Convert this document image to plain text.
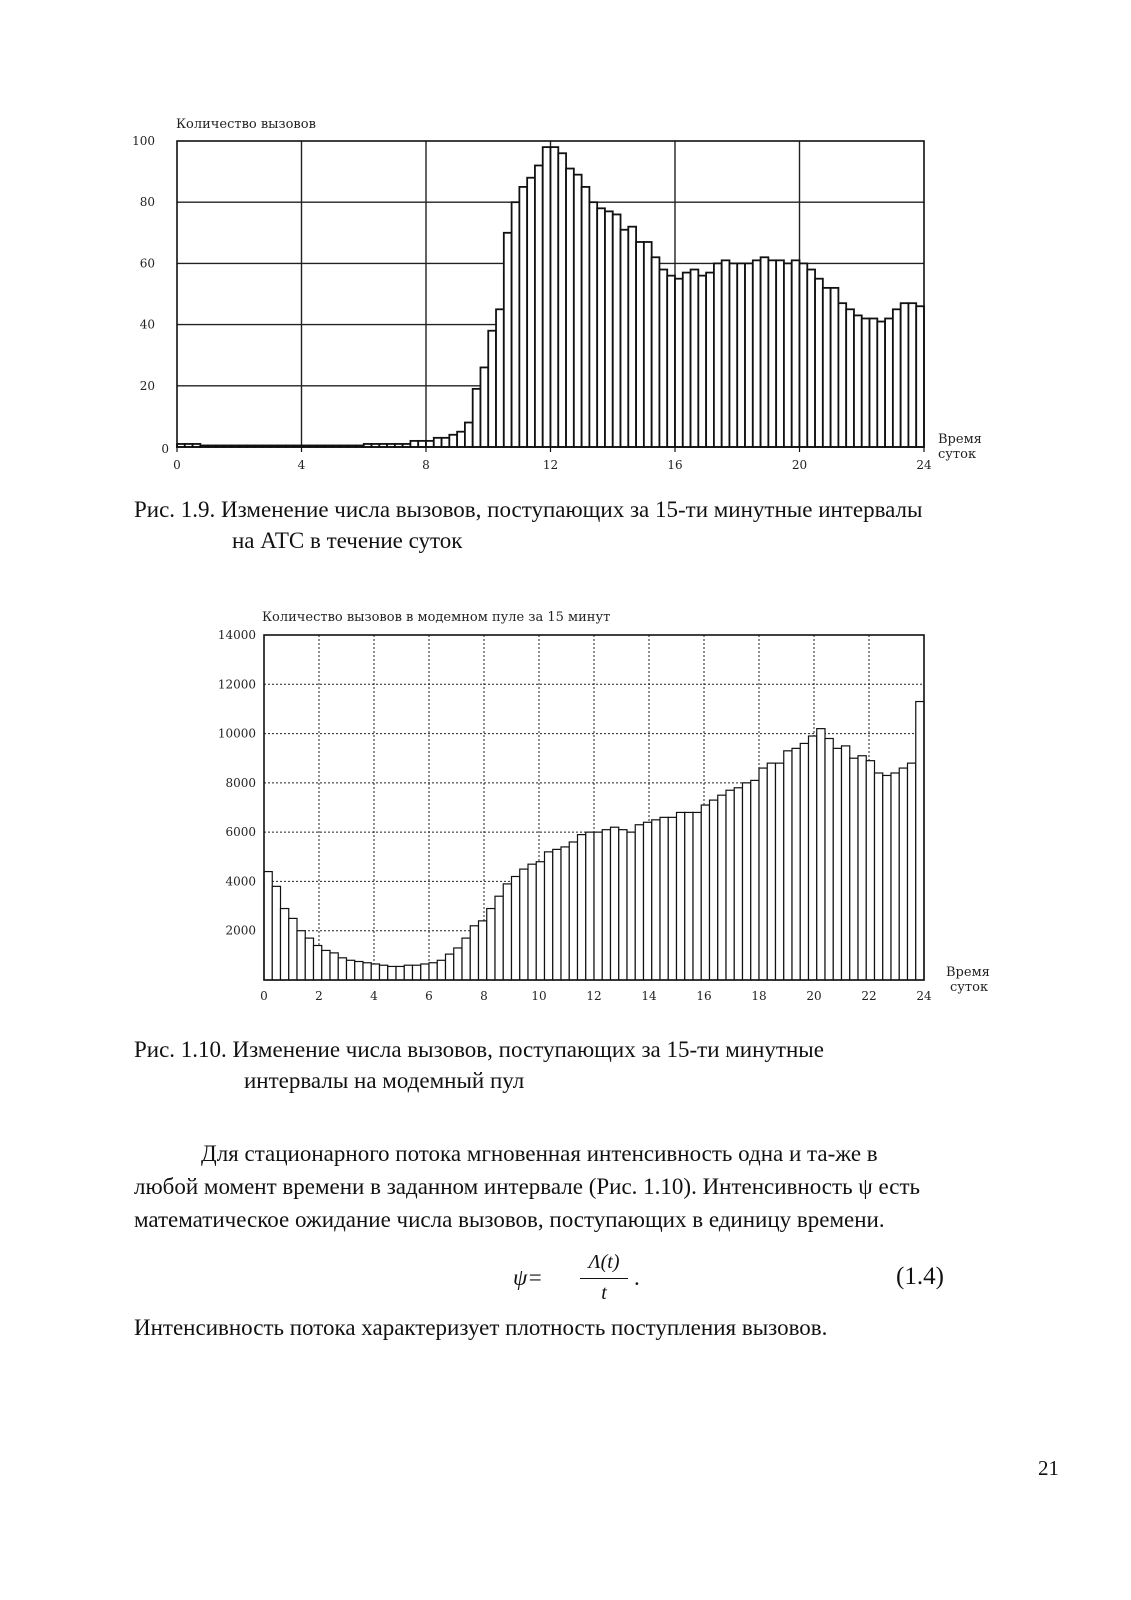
0	4	8	12	16	20	24
0
20
40
60
80
100
Количество вызовов
Время
суток
0	2	4	6	8	10	12	14	16	18	20	22	24
2000
4000
6000
8000
10000
12000
14000
Количество вызовов в модемном пуле за 15 минут
Время
суток

Рис. 1.9. Изменение числа вызовов, поступающих за 15-ти минутные интервалы
на АТС в течение суток

Рис. 1.10. Изменение числа вызовов, поступающих за 15-ти минутные
интервалы на модемный пул

Для стационарного потока мгновенная интенсивность одна и та-же в

любой момент времени в заданном интервале (Рис. 1.10). Интенсивность ψ есть

математическое ожидание числа вызовов, поступающих в единицу времени.

ψ=
Λ(t)
t
.	(1.4)

Интенсивность потока характеризует плотность поступления вызовов.

21
